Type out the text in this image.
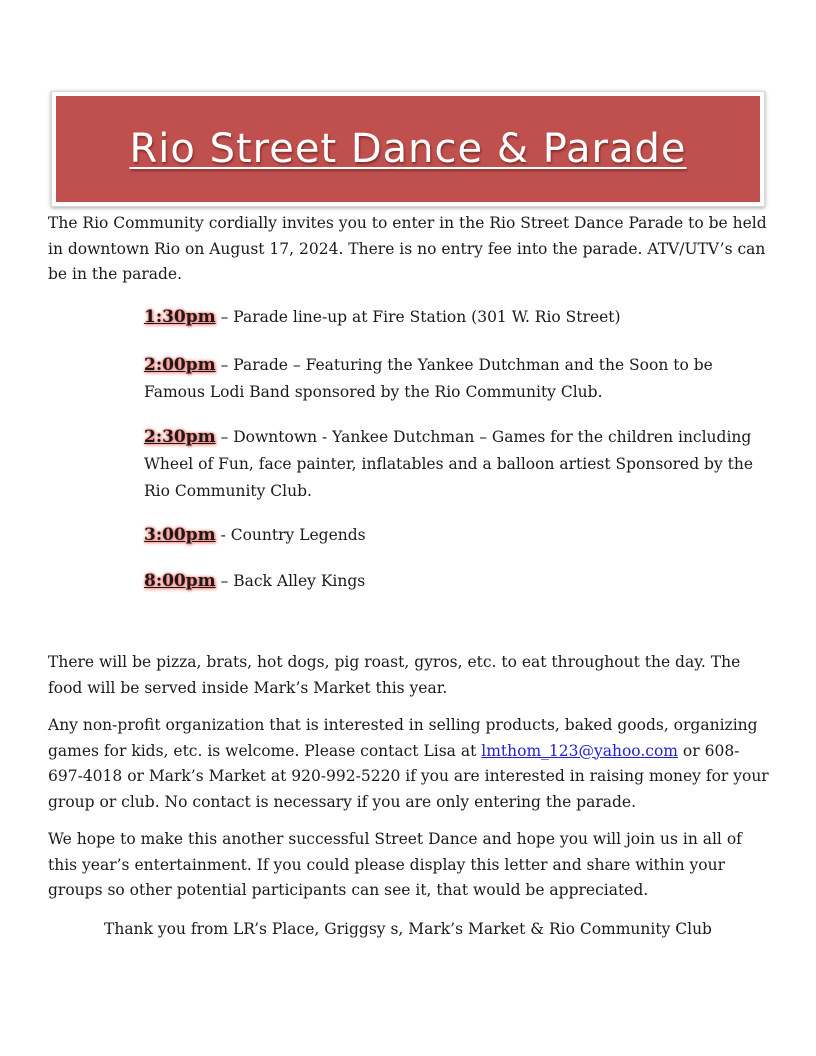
Rio Street Dance & Parade

The Rio Community cordially invites you to enter in the Rio Street Dance Parade to be held in downtown Rio on August 17, 2024. There is no entry fee into the parade. ATV/UTV’s can be in the parade.

1:30pm – Parade line-up at Fire Station (301 W. Rio Street)

2:00pm – Parade – Featuring the Yankee Dutchman and the Soon to be Famous Lodi Band sponsored by the Rio Community Club.

2:30pm – Downtown - Yankee Dutchman – Games for the children including Wheel of Fun, face painter, inflatables and a balloon artiest Sponsored by the Rio Community Club.

3:00pm - Country Legends

8:00pm – Back Alley Kings

There will be pizza, brats, hot dogs, pig roast, gyros, etc. to eat throughout the day. The food will be served inside Mark’s Market this year.

Any non-profit organization that is interested in selling products, baked goods, organizing games for kids, etc. is welcome. Please contact Lisa at lmthom_123@yahoo.com or 608-697-4018 or Mark’s Market at 920-992-5220 if you are interested in raising money for your group or club. No contact is necessary if you are only entering the parade.

We hope to make this another successful Street Dance and hope you will join us in all of this year’s entertainment. If you could please display this letter and share within your groups so other potential participants can see it, that would be appreciated.

Thank you from LR’s Place, Griggsy s, Mark’s Market & Rio Community Club
